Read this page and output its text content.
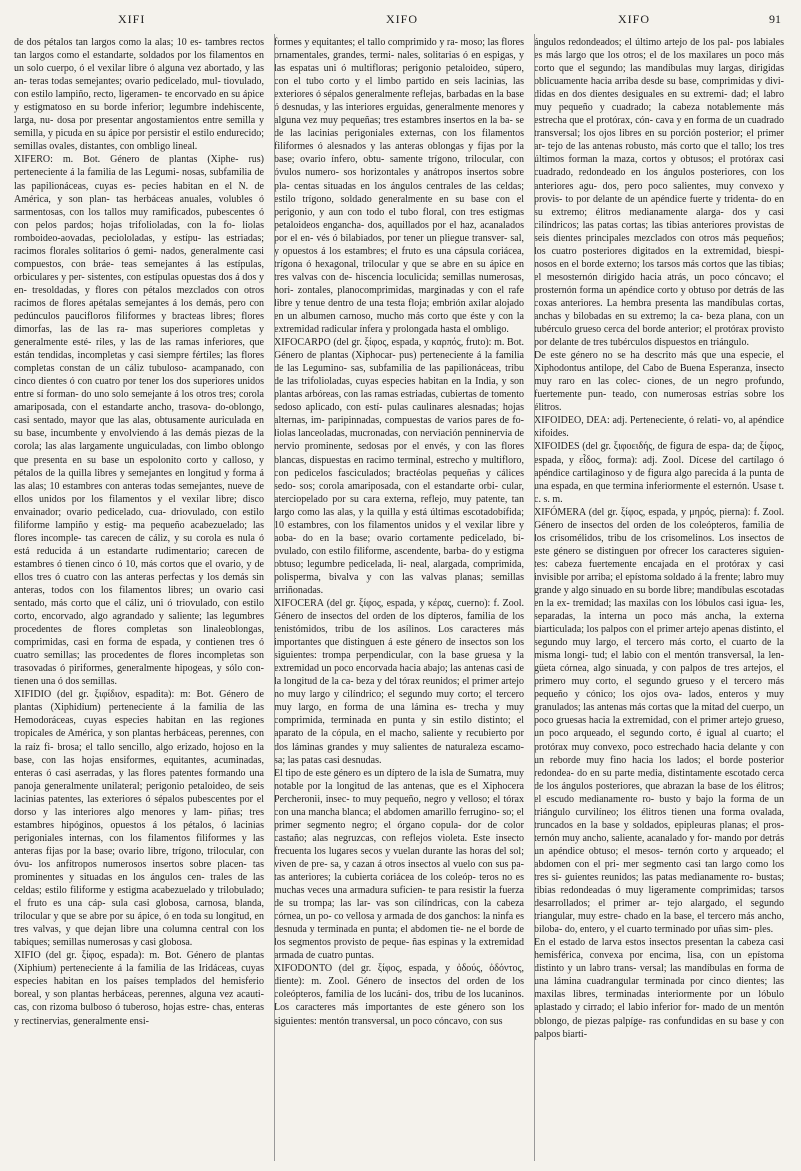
XIFI	XIFO	XIFO	91

de dos pétalos tan largos como la alas; 10 es- tambres rectos tan largos como el estandarte, soldados por los filamentos en un solo cuerpo, ó el vexilar libre ó alguna vez abortado, y las an- teras todas semejantes; ovario pedicelado, mul- tiovulado, con estilo lampiño, recto, ligeramen- te encorvado en su ápice y estigmatoso en su borde inferior; legumbre indehiscente, larga, nu- dosa por presentar angostamientos entre semilla y semilla, y picuda en su ápice por persistir el estilo endurecido; semillas ovales, distantes, con ombligo lineal.

XIFERO: m. Bot. Género de plantas (Xiphe- rus) perteneciente á la familia de las Legumi- nosas, subfamilia de las papilionáceas, cuyas es- pecies habitan en el N. de América, y son plan- tas herbáceas anuales, volubles ó sarmentosas, con los tallos muy ramificados, pubescentes ó con pelos pardos; hojas trifolioladas, con la fo- liolas romboideo-aovadas, peciololadas, y estípu- las estriadas; racimos florales solitarios ó gemi- nados, generalmente casi compuestos, con bráe- teas semejantes á las estípulas, orbiculares y per- sistentes, con estípulas opuestas dos á dos y en- tresoldadas, y flores con pétalos mezclados con otros racimos de flores apétalas semejantes á los demás, pero con pedúnculos paucifloros filiformes y bracteas libres; flores dimorfas, las de las ra- mas superiores completas y generalmente esté- riles, y las de las ramas inferiores, que están tendidas, incompletas y casi siempre fértiles; las flores completas constan de un cáliz tubuloso- acampanado, con cinco dientes ó con cuatro por tener los dos superiores unidos entre sí forman- do uno solo semejante á los otros tres; corola amariposada, con el estandarte ancho, trasova- do-oblongo, casi sentado, mayor que las alas, obtusamente auriculada en su base, incumbente y envolviendo á las demás piezas de la corola; las alas largamente unguiculadas, con limbo oblongo que presenta en su base un espolonito corto y calloso, y pétalos de la quilla libres y semejantes en longitud y forma á las alas; 10 estambres con anteras todas semejantes, nueve de ellos unidos por los filamentos y el vexilar libre; disco envainador; ovario pedicelado, cua- driovulado, con estilo filiforme lampiño y estig- ma pequeño acabezuelado; las flores incomple- tas carecen de cáliz, y su corola es nula ó está reducida á un estandarte rudimentario; carecen de estambres ó tienen cinco ó 10, más cortos que el ovario, y de ellos tres ó cuatro con las anteras perfectas y los demás sin anteras, todos con los filamentos libres; un ovario casi sentado, más corto que el cáliz, uni ó triovulado, con estilo corto, encorvado, algo agrandado y saliente; las legumbres procedentes de flores completas son linaleoblongas, comprimidas, casi en forma de espada, y contienen tres ó cuatro semillas; las procedentes de flores incompletas son trasovadas ó piriformes, generalmente hipogeas, y sólo con- tienen una ó dos semillas.

XIFIDIO (del gr. ξιφίδιον, espadita): m: Bot. Género de plantas (Xiphidium) perteneciente á la familia de las Hemodoráceas, cuyas especies habitan en las regiones tropicales de América, y son plantas herbáceas, perennes, con la raíz fi- brosa; el tallo sencillo, algo erizado, hojoso en la base, con las hojas ensiformes, equitantes, acuminadas, enteras ó casi aserradas, y las flores patentes formando una panoja generalmente unilateral; perigonio petaloideo, de seis lacinias patentes, las exteriores ó sépalos pubescentes por el dorso y las interiores algo menores y lam- piñas; tres estambres hipóginos, opuestos á los pétalos, ó lacinias perigoniales internas, con los filamentos filiformes y las anteras fijas por la base; ovario libre, trígono, trilocular, con óvu- los anfítropos numerosos insertos sobre placen- tas prominentes y situadas en los ángulos cen- trales de las celdas; estilo filiforme y estigma acabezuelado y trilobulado; el fruto es una cáp- sula casi globosa, carnosa, blanda, trilocular y que se abre por su ápice, ó en toda su longitud, en tres valvas, y que dejan libre una columna central con los tabiques; semillas numerosas y casi globosa.

XIFIO (del gr. ξίφος, espada): m. Bot. Género de plantas (Xiphium) perteneciente á la familia de las Iridáceas, cuyas especies habitan en los países templados del hemisferio boreal, y son plantas herbáceas, perennes, alguna vez acauti- cas, con rizoma bulboso ó tuberoso, hojas estre- chas, enteras y rectinervias, generalmente ensi-

formes y equitantes; el tallo comprimido y ra- moso; las flores ornamentales, grandes, termi- nales, solitarias ó en espigas, y las espatas uni ó multifloras; perigonio petaloideo, súpero, con el tubo corto y el limbo partido en seis lacinias, las exteriores ó sépalos generalmente reflejas, barbadas en la base ó desnudas, y las interiores erguidas, generalmente menores y alguna vez muy pequeñas; tres estambres insertos en la ba- se de las lacinias perigoniales externas, con los filamentos filiformes ó alesnados y las anteras oblongas y fijas por la base; ovario ínfero, obtu- samente trígono, trilocular, con óvulos numero- sos horizontales y anátropos insertos sobre pla- centas situadas en los ángulos centrales de las celdas; estilo trígono, soldado generalmente en su base con el perigonio, y aun con todo el tubo floral, con tres estigmas petaloideos engancha- dos, aquillados por el haz, acanalados por el en- vés ó bilabiados, por tener un pliegue transver- sal, y opuestos á los estambres; el fruto es una cápsula coriácea, trígona ó hexagonal, trilocular y que se abre en su ápice en tres valvas con de- hiscencia loculicida; semillas numerosas, hori- zontales, planocomprimidas, marginadas y con el rafe libre y tenue dentro de una testa floja; embrión axilar alojado en un albumen carnoso, mucho más corto que éste y con la extremidad radicular ínfera y prolongada hasta el ombligo.

XIFOCARPO (del gr. ξίφος, espada, y καρπός, fruto): m. Bot. Género de plantas (Xiphocar- pus) perteneciente á la familia de las Legumino- sas, subfamilia de las papilionáceas, tribu de las trifolioladas, cuyas especies habitan en la India, y son plantas arbóreas, con las ramas estriadas, cubiertas de tomento sedoso aplicado, con estí- pulas caulinares alesnadas; hojas alternas, im- paripinnadas, compuestas de varios pares de fo- liolas lanceoladas, mucronadas, con nerviación penninervia de nervio prominente, sedosas por el envés, y con las flores blancas, dispuestas en racimo terminal, estrecho y multifloro, con pedicelos fasciculados; bractéolas pequeñas y cálices sedo- sos; corola amariposada, con el estandarte orbi- cular, aterciopelado por su cara externa, reflejo, muy patente, tan largo como las alas, y la quilla y está últimas escotadobífida; 10 estambres, con los filamentos unidos y el vexilar libre y aoba- do en la base; ovario cortamente pedicelado, bi- ovulado, con estilo filiforme, ascendente, barba- do y estigma obtuso; legumbre pedicelada, li- neal, alargada, comprimida, polisperma, bivalva y con las valvas planas; semillas arriñonadas.

XIFOCERA (del gr. ξίφος, espada, y κέρας, cuerno): f. Zool. Género de insectos del orden de los dípteros, familia de los tenistómidos, tribu de los asílinos. Los caracteres más importantes que distinguen á este género de insectos son los siguientes: trompa perpendicular, con la base gruesa y la extremidad un poco encorvada hacia abajo; las antenas casi de la longitud de la ca- beza y del tórax reunidos; el primer artejo no muy largo y cilíndrico; el segundo muy corto; el tercero muy largo, en forma de una lámina es- trecha y muy comprimida, terminada en punta y sin estilo distinto; el aparato de la cópula, en el macho, saliente y recubierto por dos láminas grandes y muy salientes de naturaleza escamo- sa; las patas casi desnudas.

El tipo de este género es un díptero de la isla de Sumatra, muy notable por la longitud de las antenas, que es el Xiphocera Percheronii, insec- to muy pequeño, negro y velloso; el tórax con una mancha blanca; el abdomen amarillo ferrugino- so; el primer segmento negro; el órgano copula- dor de color castaño; alas negruzcas, con reflejos violeta. Este insecto frecuenta los lugares secos y vuelan durante las horas del sol; viven de pre- sa, y cazan á otros insectos al vuelo con sus pa- tas anteriores; la cubierta coriácea de los coleóp- teros no es muchas veces una armadura suficien- te para resistir la fuerza de su trompa; las lar- vas son cilíndricas, con la cabeza córnea, un po- co vellosa y armada de dos ganchos: la ninfa es desnuda y terminada en punta; el abdomen tie- ne el borde de los segmentos provisto de peque- ñas espinas y la extremidad armada de cuatro puntas.

XIFODONTO (del gr. ξίφος, espada, y ὀδούς, ὀδόντος, diente): m. Zool. Género de insectos del orden de los coleópteros, familia de los lucáni- dos, tribu de los lucaninos. Los caracteres más importantes de este género son los siguientes: mentón transversal, un poco cóncavo, con sus

ángulos redondeados; el último artejo de los pal- pos labiales es más largo que los otros; el de los maxilares un poco más corto que el segundo; las mandíbulas muy largas, dirigidas oblicuamente hacia arriba desde su base, comprimidas y divi- didas en dos dientes desiguales en su extremi- dad; el labro muy pequeño y cuadrado; la cabeza notablemente más estrecha que el protórax, cón- cava y en forma de un cuadrado transversal; los ojos libres en su porción posterior; el primer ar- tejo de las antenas robusto, más corto que el tallo; los tres últimos forman la maza, cortos y obtusos; el protórax casi cuadrado, redondeado en los ángulos posteriores, con los anteriores agu- dos, pero poco salientes, muy convexo y provis- to por delante de un apéndice fuerte y tridenta- do en su extremo; élitros medianamente alarga- dos y casi cilíndricos; las patas cortas; las tibias anteriores provistas de seis dientes principales mezclados con otros más pequeños; los cuatro posteriores digitados en la extremidad, biespi- nosos en el borde externo; los tarsos más cortos que las tibias; el mesosternón dirigido hacia atrás, un poco cóncavo; el prosternón forma un apéndice corto y obtuso por detrás de las coxas anteriores. La hembra presenta las mandíbulas cortas, anchas y bilobadas en su extremo; la ca- beza plana, con un tubérculo grueso cerca del borde anterior; el protórax provisto por delante de tres tubérculos dispuestos en triángulo.

De este género no se ha descrito más que una especie, el Xiphodontus antilope, del Cabo de Buena Esperanza, insecto muy raro en las colec- ciones, de un negro profundo, fuertemente pun- teado, con numerosas estrías sobre los élitros.

XIFOIDEO, DEA: adj. Perteneciente, ó relati- vo, al apéndice xifoides.

XIFOIDES (del gr. ξιφοειδής, de figura de espa- da; de ξίφος, espada, y εἶδος, forma): adj. Zool. Dícese del cartílago ó apéndice cartilaginoso y de figura algo parecida á la punta de una espada, en que termina inferiormente el esternón. Usase t. c. s. m.

XIFÓMERA (del gr. ξίφος, espada, y μηρός, pierna): f. Zool. Género de insectos del orden de los coleópteros, familia de los crisomélidos, tribu de los crisomelinos. Los insectos de este género se distinguen por ofrecer los caracteres siguien- tes: cabeza fuertemente encajada en el protórax y casi invisible por arriba; el epístoma soldado á la frente; labro muy grande y algo sinuado en su borde libre; mandíbulas escotadas en la ex- tremidad; las maxilas con los lóbulos casi igua- les, separadas, la interna un poco más ancha, la externa biarticulada; los palpos con el primer artejo apenas distinto, el segundo muy largo, el tercero más corto, el cuarto de la misma longi- tud; el labio con el mentón transversal, la len- güeta córnea, algo sinuada, y con palpos de tres artejos, el primero muy corto, el segundo grueso y el tercero más pequeño y cónico; los ojos ova- lados, enteros y muy granulados; las antenas más cortas que la mitad del cuerpo, un poco gruesas hacia la extremidad, con el primer artejo grueso, un poco arqueado, el segundo corto, é igual al cuarto; el protórax muy convexo, poco estrechado hacia delante y con un reborde muy fino hacia los lados; el borde posterior redondea- do en su parte media, distintamente escotado cerca de los ángulos posteriores, que abrazan la base de los élitros; el escudo medianamente ro- busto y bajo la forma de un triángulo curvilíneo; los élitros tienen una forma ovalada, truncados en la base y soldados, epipleuras planas; el pros- ternón muy ancho, saliente, acanalado y for- mando por detrás un apéndice obtuso; el mesos- ternón corto y arqueado; el abdomen con el pri- mer segmento casi tan largo como los tres si- guientes reunidos; las patas medianamente ro- bustas; tibias redondeadas ó muy ligeramente comprimidas; tarsos desarrollados; el primer ar- tejo alargado, el segundo triangular, muy estre- chado en la base, el tercero más ancho, biloba- do, entero, y el cuarto terminado por uñas sim- ples.

En el estado de larva estos insectos presentan la cabeza casi hemisférica, convexa por encima, lisa, con un epístoma distinto y un labro trans- versal; las mandíbulas en forma de una lámina cuadrangular terminada por cinco dientes; las maxilas libres, terminadas interiormente por un lóbulo aplastado y cirrado; el labio inferior for- mado de un mentón oblongo, de piezas palpíge- ras confundidas en su base y con palpos biarti-
